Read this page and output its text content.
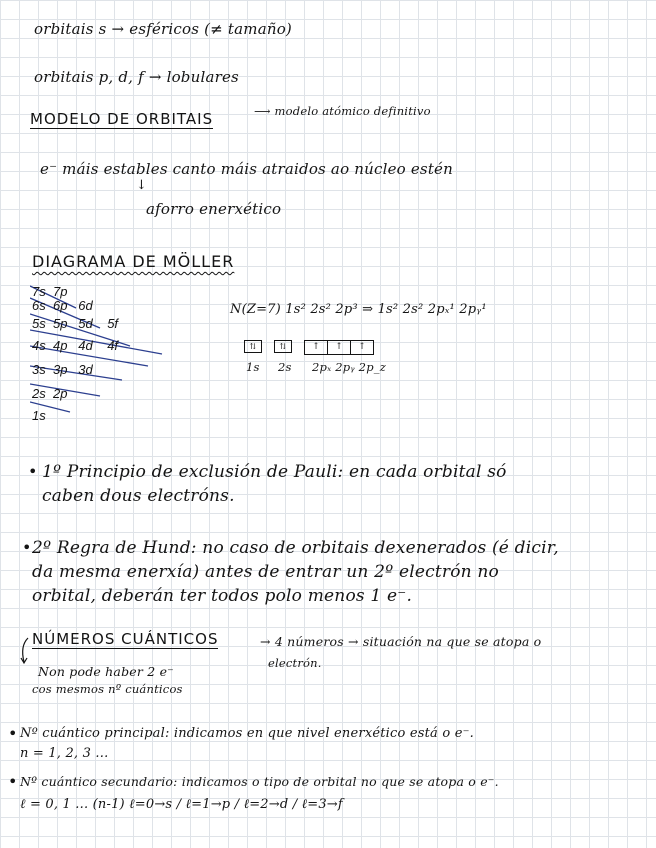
orbitais s → esféricos (≠ tamaño)
orbitais p, d, f → lobulares
MODELO DE ORBITAIS	⟶ modelo atómico definitivo
e⁻ máis estables canto máis atraidos ao núcleo estén
↓
aforro enerxético
DIAGRAMA DE MÖLLER
7s 7p
6s 6p 6d
5s 5p 5d 5f
4s 4p 4d 4f
3s 3p 3d
2s 2p
1s
N(Z=7) 1s² 2s² 2p³ ⇒ 1s² 2s² 2pₓ¹ 2pᵧ¹
⇅	⇅	↑	↑	↑
1s 2s 2pₓ 2pᵧ 2p_z
• 1º Principio de exclusión de Pauli: en cada orbital só
caben dous electróns.
• 2º Regra de Hund: no caso de orbitais dexenerados (é dicir,
da mesma enerxía) antes de entrar un 2º electrón no
orbital, deberán ter todos polo menos 1 e⁻.
NÚMEROS CUÁNTICOS	→ 4 números → situación na que se atopa o
electrón.
Non pode haber 2 e⁻
cos mesmos nº cuánticos
• Nº cuántico principal: indicamos en que nivel enerxético está o e⁻.
n = 1, 2, 3 ...
• Nº cuántico secundario: indicamos o tipo de orbital no que se atopa o e⁻.
ℓ = 0, 1 ... (n-1) ℓ=0→s / ℓ=1→p / ℓ=2→d / ℓ=3→f
